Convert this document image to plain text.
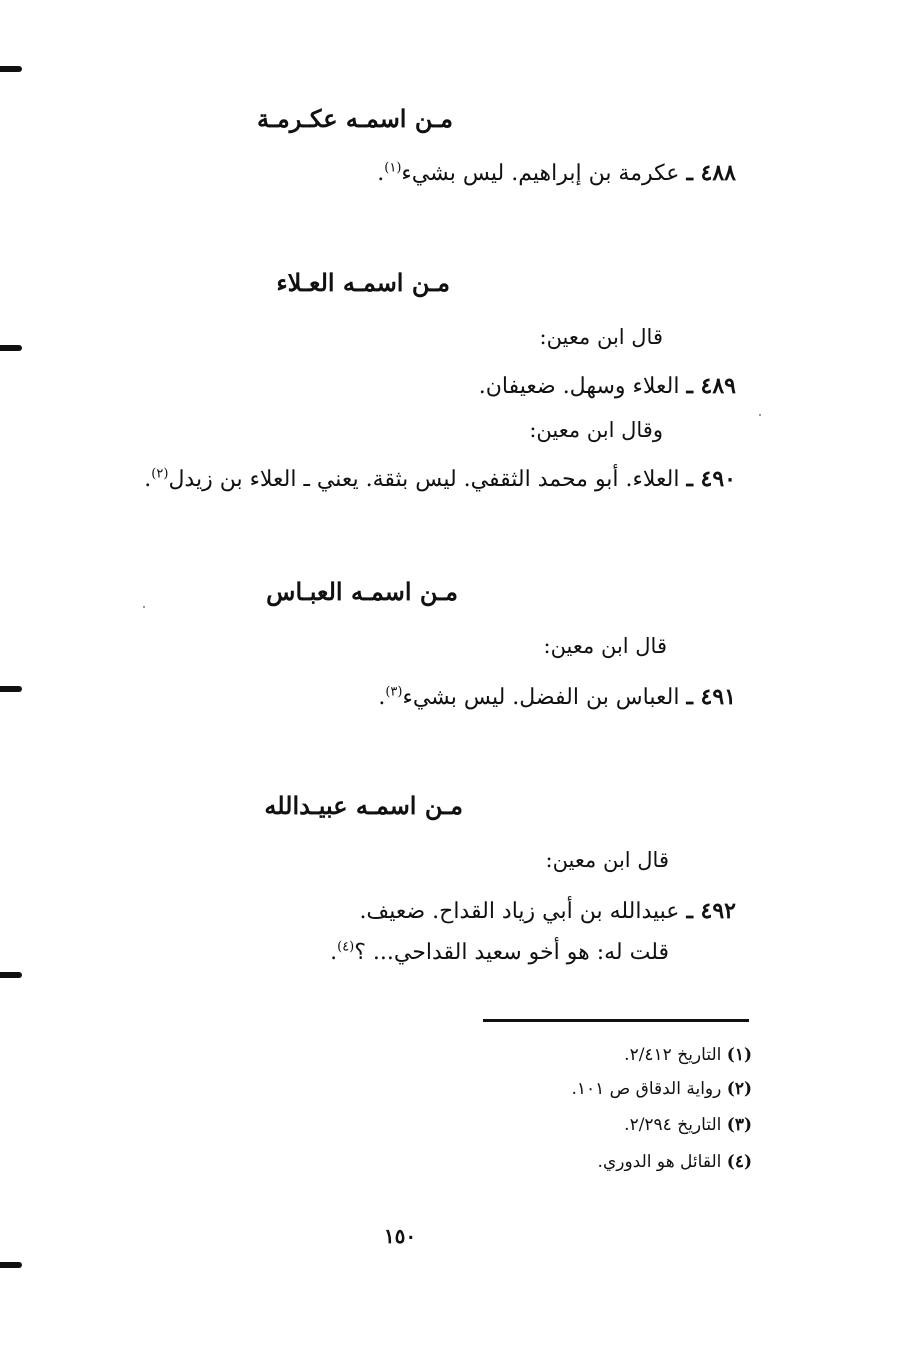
مـن اسمـه عكـرمـة
٤٨٨ ـ عكرمة بن إبراهيم. ليس بشيء$^{(١)}$.
مـن اسمـه العـلاء
قال ابن معين:
٤٨٩ ـ العلاء وسهل. ضعيفان.
وقال ابن معين:
٤٩٠ ـ العلاء. أبو محمد الثقفي. ليس بثقة. يعني ـ العلاء بن زيدل$^{(٢)}$.
مـن اسمـه العبـاس
قال ابن معين:
٤٩١ ـ العباس بن الفضل. ليس بشيء$^{(٣)}$.
مـن اسمـه عبيـدالله
قال ابن معين:
٤٩٢ ـ عبيدالله بن أبي زياد القداح. ضعيف.
قلت له: هو أخو سعيد القداحي... ؟$^{(٤)}$.
(١) التاريخ ٢/٤١٢.
(٢) رواية الدقاق ص ١٠١.
(٣) التاريخ ٢/٢٩٤.
(٤) القائل هو الدوري.
١٥٠
